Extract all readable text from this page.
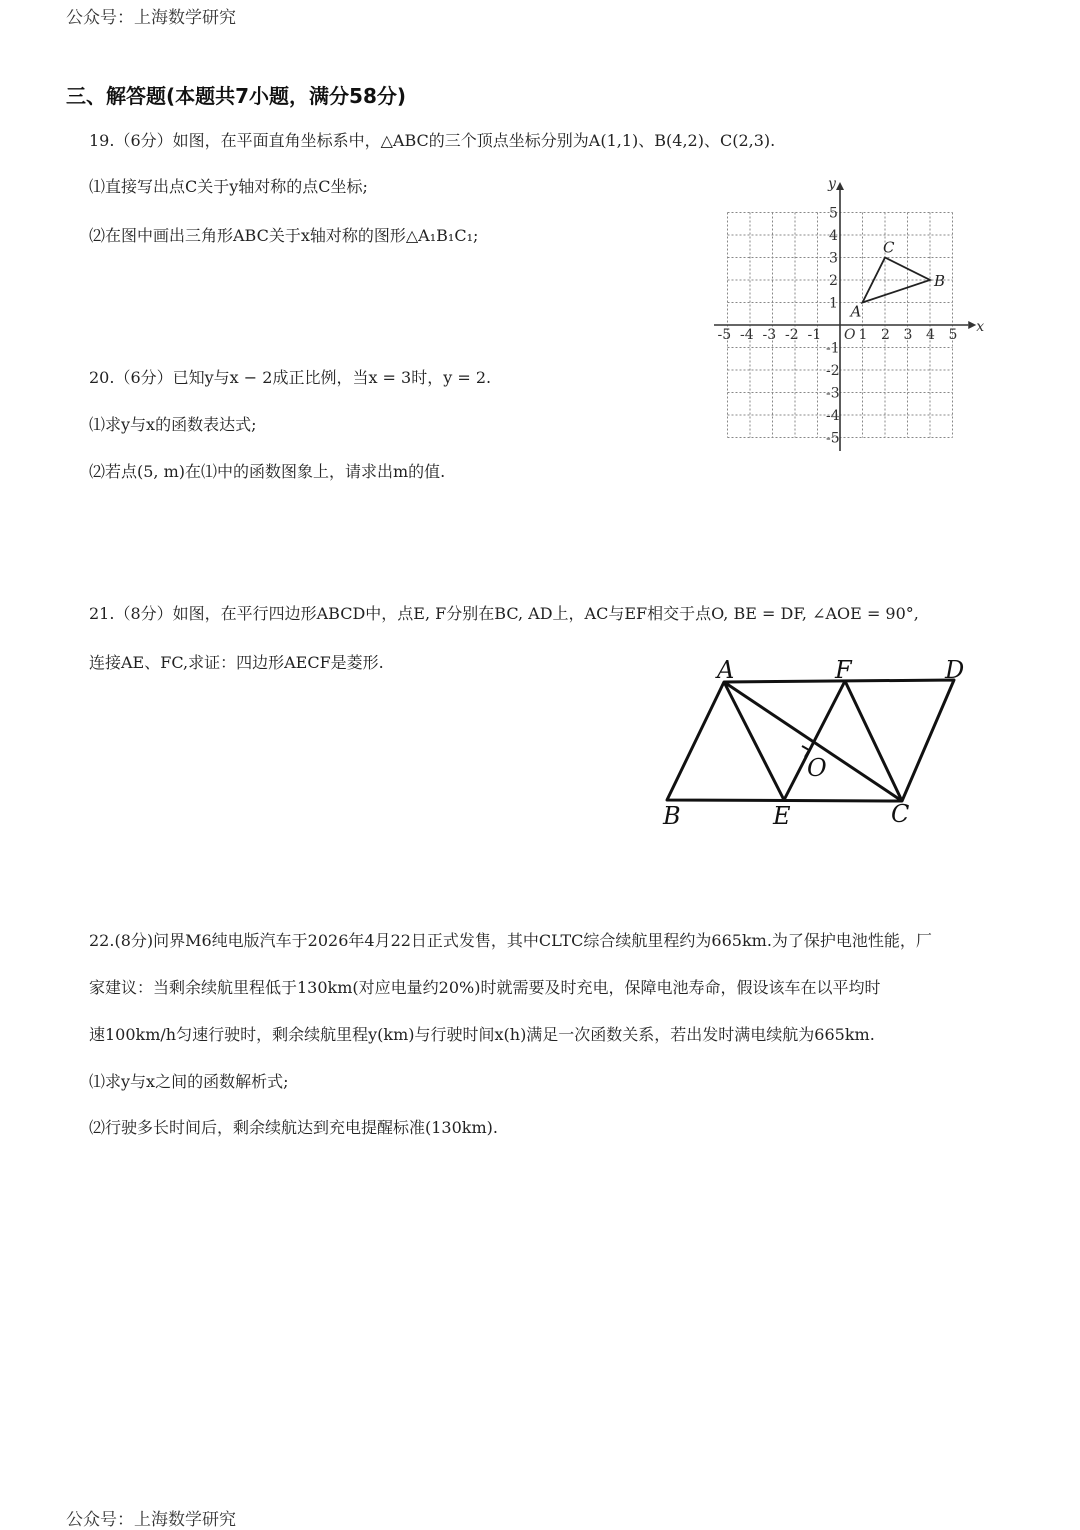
公众号：上海数学研究
三、解答题(本题共7小题，满分58分)
19.（6分）如图，在平面直角坐标系中，△ABC的三个顶点坐标分别为A(1,1)、B(4,2)、C(2,3).
⑴直接写出点C关于y轴对称的点C坐标;
⑵在图中画出三角形ABC关于x轴对称的图形△A₁B₁C₁;
-5 -4 -3 -2 -1	1 2 3 4 5
5
4
3
2
1
-1
-2
-3
-4
-5
O	x
y
A
B
C
20.（6分）已知y与x − 2成正比例，当x = 3时，y = 2.
⑴求y与x的函数表达式;
⑵若点(5, m)在⑴中的函数图象上，请求出m的值.
21.（8分）如图，在平行四边形ABCD中，点E, F分别在BC, AD上，AC与EF相交于点O, BE = DF, ∠AOE = 90°,
连接AE、FC,求证：四边形AECF是菱形.	A	F	D
B	E	C
O
22.(8分)问界M6纯电版汽车于2026年4月22日正式发售，其中CLTC综合续航里程约为665km.为了保护电池性能，厂
家建议：当剩余续航里程低于130km(对应电量约20%)时就需要及时充电，保障电池寿命，假设该车在以平均时
速100km/h匀速行驶时，剩余续航里程y(km)与行驶时间x(h)满足一次函数关系，若出发时满电续航为665km.
⑴求y与x之间的函数解析式;
⑵行驶多长时间后，剩余续航达到充电提醒标准(130km).
公众号：上海数学研究
